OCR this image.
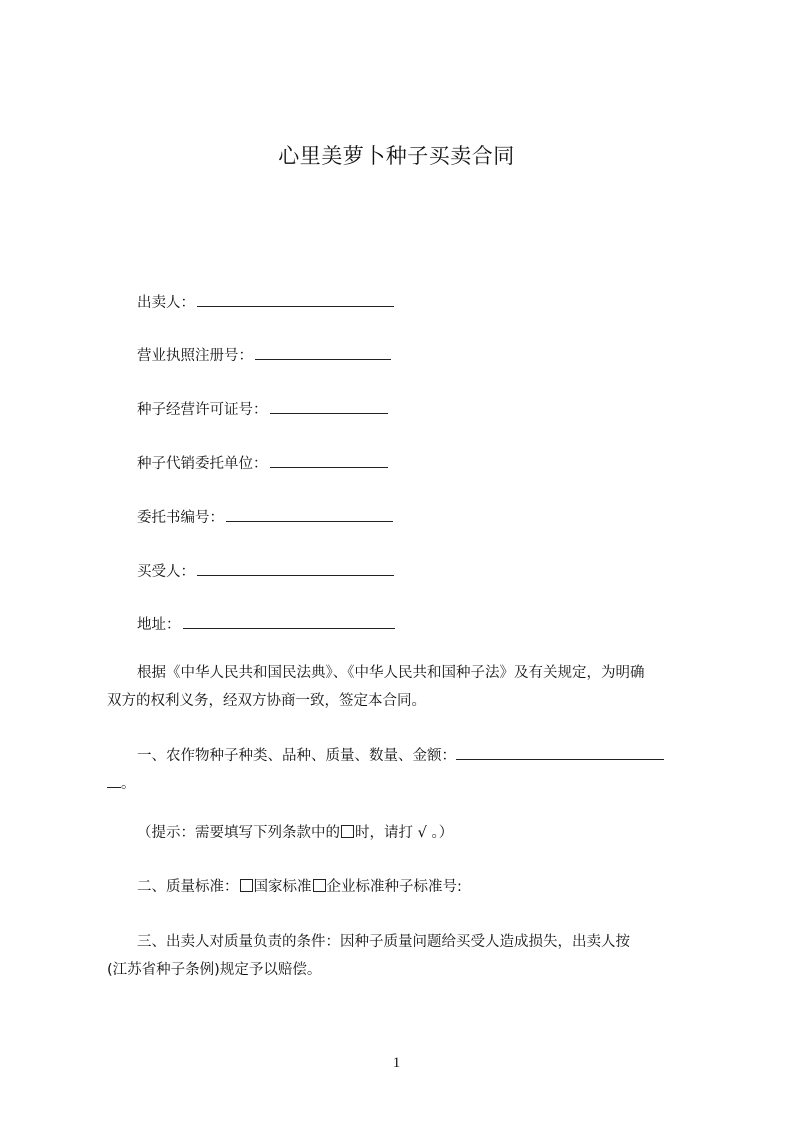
心里美萝卜种子买卖合同
出卖人：
营业执照注册号：
种子经营许可证号：
种子代销委托单位：
委托书编号：
买受人：
地址：
根据《中华人民共和国民法典》、《中华人民共和国种子法》及有关规定，为明确
双方的权利义务，经双方协商一致，签定本合同。
一、农作物种子种类、品种、质量、数量、金额：
。
（提示：需要填写下列条款中的 时，请打 √ 。）
二、质量标准： 国家标准 企业标准种子标准号:
三、出卖人对质量负责的条件：因种子质量问题给买受人造成损失，出卖人按
(江苏省种子条例)规定予以赔偿。
1
